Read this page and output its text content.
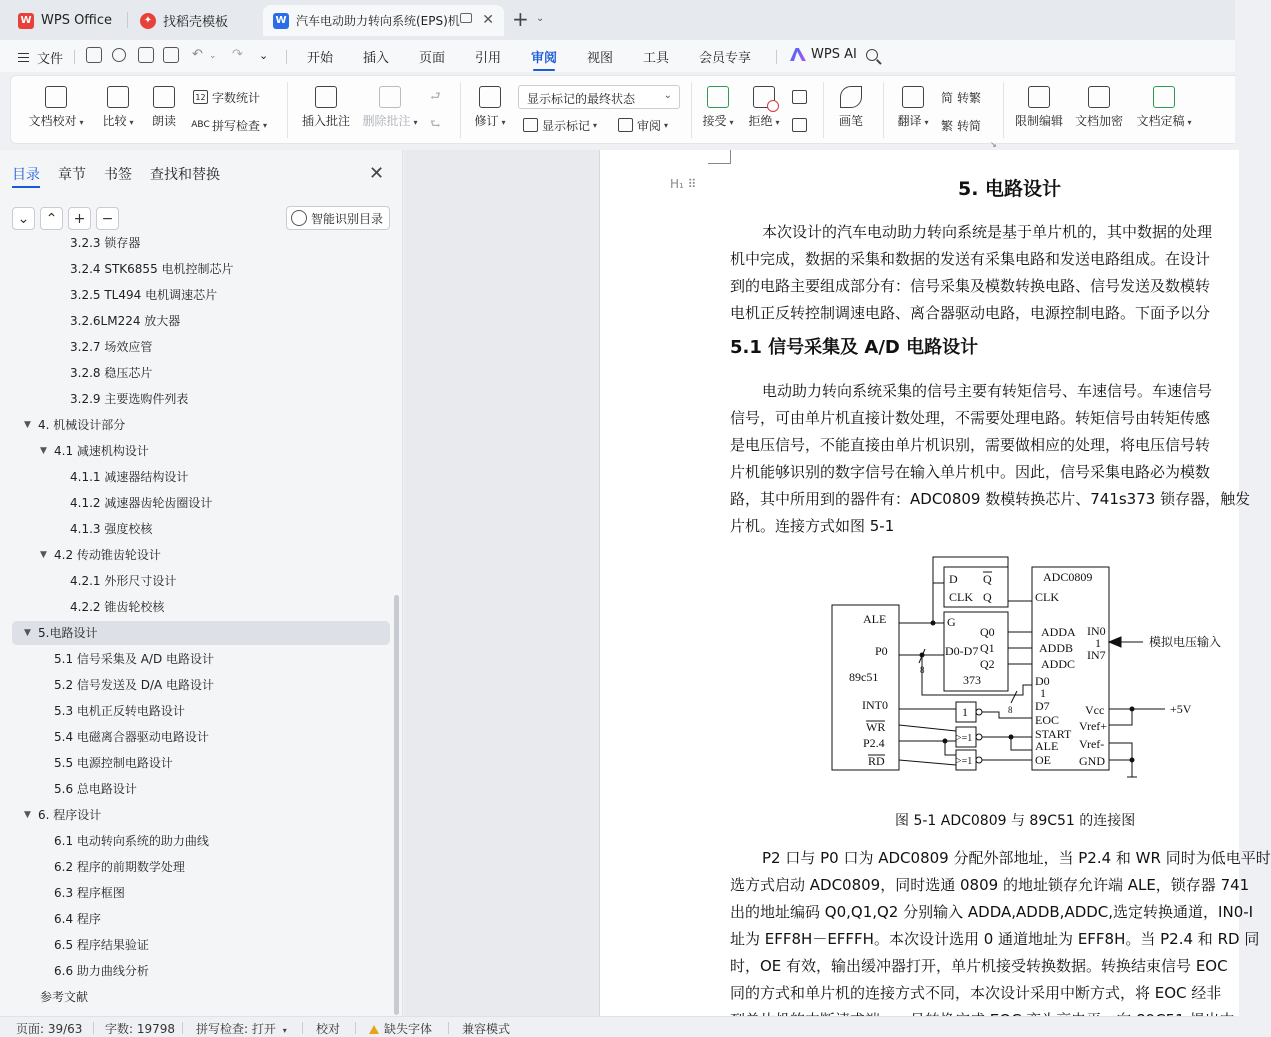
W WPS Office	✦ 找稻壳模板	W 汽车电动助力转向系统(EPS)机 ✕ + ⌄
文件	↶ ⌄ ↷ ⌄	开始 插入 页面 引用 审阅 视图 工具 会员专享	WPS AI
文档校对 ▾	比较 ▾	朗读
12 字数统计
ABC 拼写检查 ▾	插入批注 删除批注 ▾
⮐
⮑	修订 ▾
显示标记的最终状态	⌄
显示标记 ▾	审阅 ▾	接受 ▾ 拒绝 ▾	画笔	翻译 ▾
简 转繁
繁 转简
↘
限制编辑 文档加密 文档定稿 ▾
目录 章节 书签 查找和替换	✕
⌄	⌃	+	−	智能识别目录
3.2.3 锁存器
3.2.4 STK6855 电机控制芯片
3.2.5 TL494 电机调速芯片
3.2.6LM224 放大器
3.2.7 场效应管
3.2.8 稳压芯片
3.2.9 主要选购件列表
▼ 4. 机械设计部分
▼ 4.1 减速机构设计
4.1.1 减速器结构设计
4.1.2 减速器齿轮齿圈设计
4.1.3 强度校核
▼ 4.2 传动锥齿轮设计
4.2.1 外形尺寸设计
4.2.2 锥齿轮校核
▼ 5.电路设计
5.1 信号采集及 A/D 电路设计
5.2 信号发送及 D/A 电路设计
5.3 电机正反转电路设计
5.4 电磁离合器驱动电路设计
5.5 电源控制电路设计
5.6 总电路设计
▼ 6. 程序设计
6.1 电动转向系统的助力曲线
6.2 程序的前期数学处理
6.3 程序框图
6.4 程序
6.5 程序结果验证
6.6 助力曲线分析
参考文献
H₁ ⠿	5. 电路设计
5.1 信号采集及 A/D 电路设计
图 5-1 ADC0809 与 89C51 的连接图
ALE
P0
89c51
INT0
WR
P2.4
RD
D
CLK
Q
Q
G
D0-D7
Q0
Q1
Q2
373
ADC0809
CLK
ADDA
ADDB
ADDC
D0
1
D7
EOC
START
ALE
OE
IN0
1
IN7
Vcc
Vref+
Vref-
GND
模拟电压输入
+5V
8
8
1
>=1
>=1
本次设计的汽车电动助力转向系统是基于单片机的，其中数据的处理
机中完成，数据的采集和数据的发送有采集电路和发送电路组成。在设计
到的电路主要组成部分有：信号采集及模数转换电路、信号发送及数模转
电机正反转控制调速电路、离合器驱动电路，电源控制电路。下面予以分
电动助力转向系统采集的信号主要有转矩信号、车速信号。车速信号
信号，可由单片机直接计数处理，不需要处理电路。转矩信号由转矩传感
是电压信号，不能直接由单片机识别，需要做相应的处理，将电压信号转
片机能够识别的数字信号在输入单片机中。因此，信号采集电路必为模数
路，其中所用到的器件有：ADC0809 数模转换芯片、741s373 锁存器，触发
片机。连接方式如图 5-1
P2 口与 P0 口为 ADC0809 分配外部地址，当 P2.4 和 WR 同时为低电平时
选方式启动 ADC0809，同时选通 0809 的地址锁存允许端 ALE，锁存器 741
出的地址编码 Q0,Q1,Q2 分别输入 ADDA,ADDB,ADDC,选定转换通道，IN0-I
址为 EFF8H－EFFFH。本次设计选用 0 通道地址为 EFF8H。当 P2.4 和 RD 同
时，OE 有效，输出缓冲器打开，单片机接受转换数据。转换结束信号 EOC
同的方式和单片机的连接方式不同，本次设计采用中断方式，将 EOC 经非
页面: 39/63 字数: 19798 拼写检查: 打开 ▾ 校对	缺失字体 兼容模式
